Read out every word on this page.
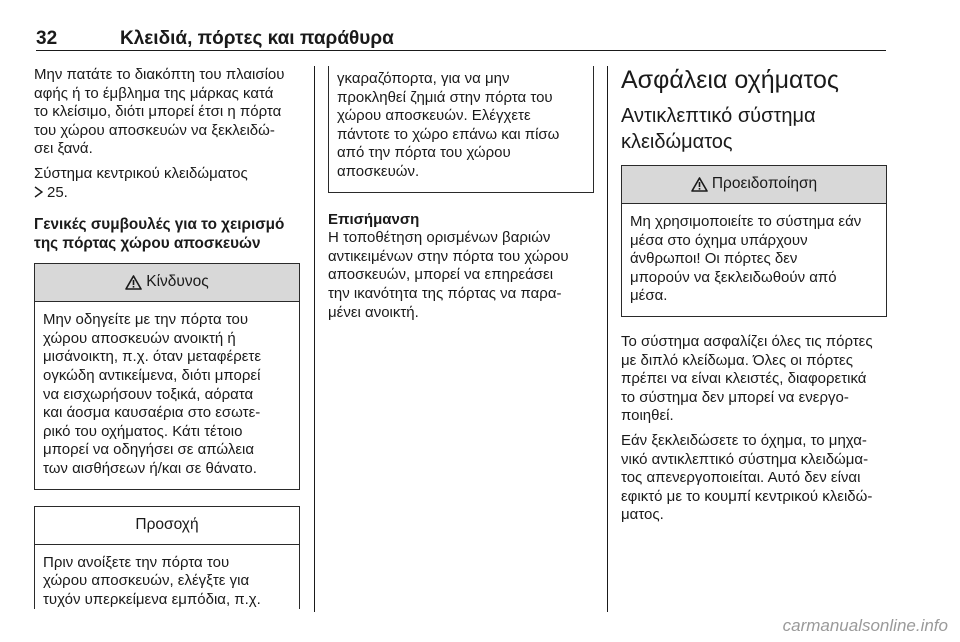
32	Κλειδιά, πόρτες και παράθυρα

Μην πατάτε το διακόπτη του πλαισίου
αφής ή το έμβλημα της μάρκας κατά
το κλείσιμο, διότι μπορεί έτσι η πόρτα
του χώρου αποσκευών να ξεκλειδώ-
σει ξανά.

Σύστημα κεντρικού κλειδώματος
25.

Γενικές συμβουλές για το χειρισμό
της πόρτας χώρου αποσκευών
Κίνδυνος
Μην οδηγείτε με την πόρτα του
χώρου αποσκευών ανοικτή ή
μισάνοικτη, π.χ. όταν μεταφέρετε
ογκώδη αντικείμενα, διότι μπορεί
να εισχωρήσουν τοξικά, αόρατα
και άοσμα καυσαέρια στο εσωτε-
ρικό του οχήματος. Κάτι τέτοιο
μπορεί να οδηγήσει σε απώλεια
των αισθήσεων ή/και σε θάνατο.
Προσοχή
Πριν ανοίξετε την πόρτα του
χώρου αποσκευών, ελέγξτε για
τυχόν υπερκείμενα εμπόδια, π.χ.
γκαραζόπορτα, για να μην
προκληθεί ζημιά στην πόρτα του
χώρου αποσκευών. Ελέγχετε
πάντοτε το χώρο επάνω και πίσω
από την πόρτα του χώρου
αποσκευών.

Επισήμανση
Η τοποθέτηση ορισμένων βαριών
αντικειμένων στην πόρτα του χώρου
αποσκευών, μπορεί να επηρεάσει
την ικανότητα της πόρτας να παρα-
μένει ανοικτή.

Ασφάλεια οχήματος
Αντικλεπτικό σύστημα
κλειδώματος
Προειδοποίηση
Μη χρησιμοποιείτε το σύστημα εάν
μέσα στο όχημα υπάρχουν
άνθρωποι! Οι πόρτες δεν
μπορούν να ξεκλειδωθούν από
μέσα.

Το σύστημα ασφαλίζει όλες τις πόρτες
με διπλό κλείδωμα. Όλες οι πόρτες
πρέπει να είναι κλειστές, διαφορετικά
το σύστημα δεν μπορεί να ενεργο-
ποιηθεί.

Εάν ξεκλειδώσετε το όχημα, το μηχα-
νικό αντικλεπτικό σύστημα κλειδώμα-
τος απενεργοποιείται. Αυτό δεν είναι
εφικτό με το κουμπί κεντρικού κλειδώ-
ματος.

carmanualsonline.info
